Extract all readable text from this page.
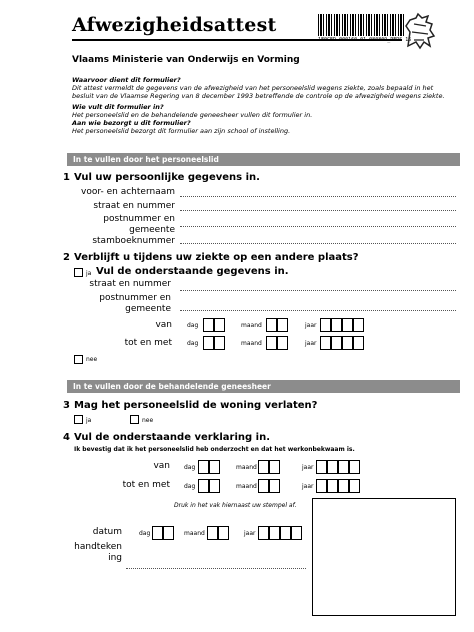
Afwezigheidsattest
1F0CED-000160-01-080809_PERS 16
Vlaams Ministerie van Onderwijs en Vorming
Waarvoor dient dit formulier?
Dit attest vermeldt de gegevens van de afwezigheid van het personeelslid wegens ziekte, zoals bepaald in het besluit van de Vlaamse Regering van 8 december 1993 betreffende de controle op de afwezigheid wegens ziekte.
Wie vult dit formulier in?
Het personeelslid en de behandelende geneesheer vullen dit formulier in.
Aan wie bezorgt u dit formulier?
Het personeelslid bezorgt dit formulier aan zijn school of instelling.
In te vullen door het personeelslid
1 Vul uw persoonlijke gegevens in.
voor- en achternaam
straat en nummer
postnummer en
gemeente
stamboeknummer
2 Verblijft u tijdens uw ziekte op een andere plaats?
ja Vul de onderstaande gegevens in.
straat en nummer
postnummer en
gemeente
van	dag	maand	jaar
tot en met	dag	maand	jaar
nee
In te vullen door de behandelende geneesheer
3 Mag het personeelslid de woning verlaten?
ja	nee
4 Vul de onderstaande verklaring in.
Ik bevestig dat ik het personeelslid heb onderzocht en dat het werkonbekwaam is.
van dag	maand	jaar
tot en met dag	maand	jaar
Druk in het vak hiernaast uw stempel af.
datum	dag	maand	jaar
handteken
ing
